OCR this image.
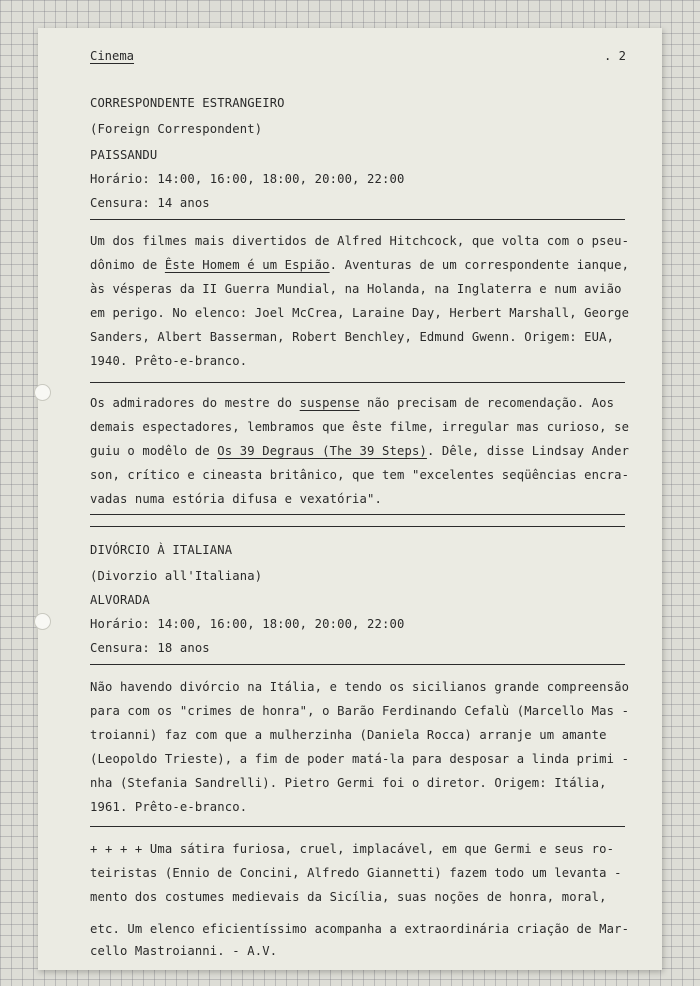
Cinema	. 2
CORRESPONDENTE ESTRANGEIRO
(Foreign Correspondent)
PAISSANDU
Horário: 14:00, 16:00, 18:00, 20:00, 22:00
Censura: 14 anos
Um dos filmes mais divertidos de Alfred Hitchcock, que volta com o pseu-
dônimo de Êste Homem é um Espião. Aventuras de um correspondente ianque,
às vésperas da II Guerra Mundial, na Holanda, na Inglaterra e num avião
em perigo. No elenco: Joel McCrea, Laraine Day, Herbert Marshall, George
Sanders, Albert Basserman, Robert Benchley, Edmund Gwenn. Origem: EUA,
1940. Prêto-e-branco.
Os admiradores do mestre do suspense não precisam de recomendação. Aos
demais espectadores, lembramos que êste filme, irregular mas curioso, se
guiu o modêlo de Os 39 Degraus (The 39 Steps). Dêle, disse Lindsay Ander
son, crítico e cineasta britânico, que tem "excelentes seqüências encra-
vadas numa estória difusa e vexatória".
DIVÓRCIO À ITALIANA
(Divorzio all'Italiana)
ALVORADA
Horário: 14:00, 16:00, 18:00, 20:00, 22:00
Censura: 18 anos
Não havendo divórcio na Itália, e tendo os sicilianos grande compreensão
para com os "crimes de honra", o Barão Ferdinando Cefalù (Marcello Mas -
troianni) faz com que a mulherzinha (Daniela Rocca) arranje um amante
(Leopoldo Trieste), a fim de poder matá-la para desposar a linda primi -
nha (Stefania Sandrelli). Pietro Germi foi o diretor. Origem: Itália,
1961. Prêto-e-branco.
+ + + + Uma sátira furiosa, cruel, implacável, em que Germi e seus ro-
teiristas (Ennio de Concini, Alfredo Giannetti) fazem todo um levanta -
mento dos costumes medievais da Sicília, suas noções de honra, moral,
etc. Um elenco eficientíssimo acompanha a extraordinária criação de Mar-
cello Mastroianni. - A.V.
